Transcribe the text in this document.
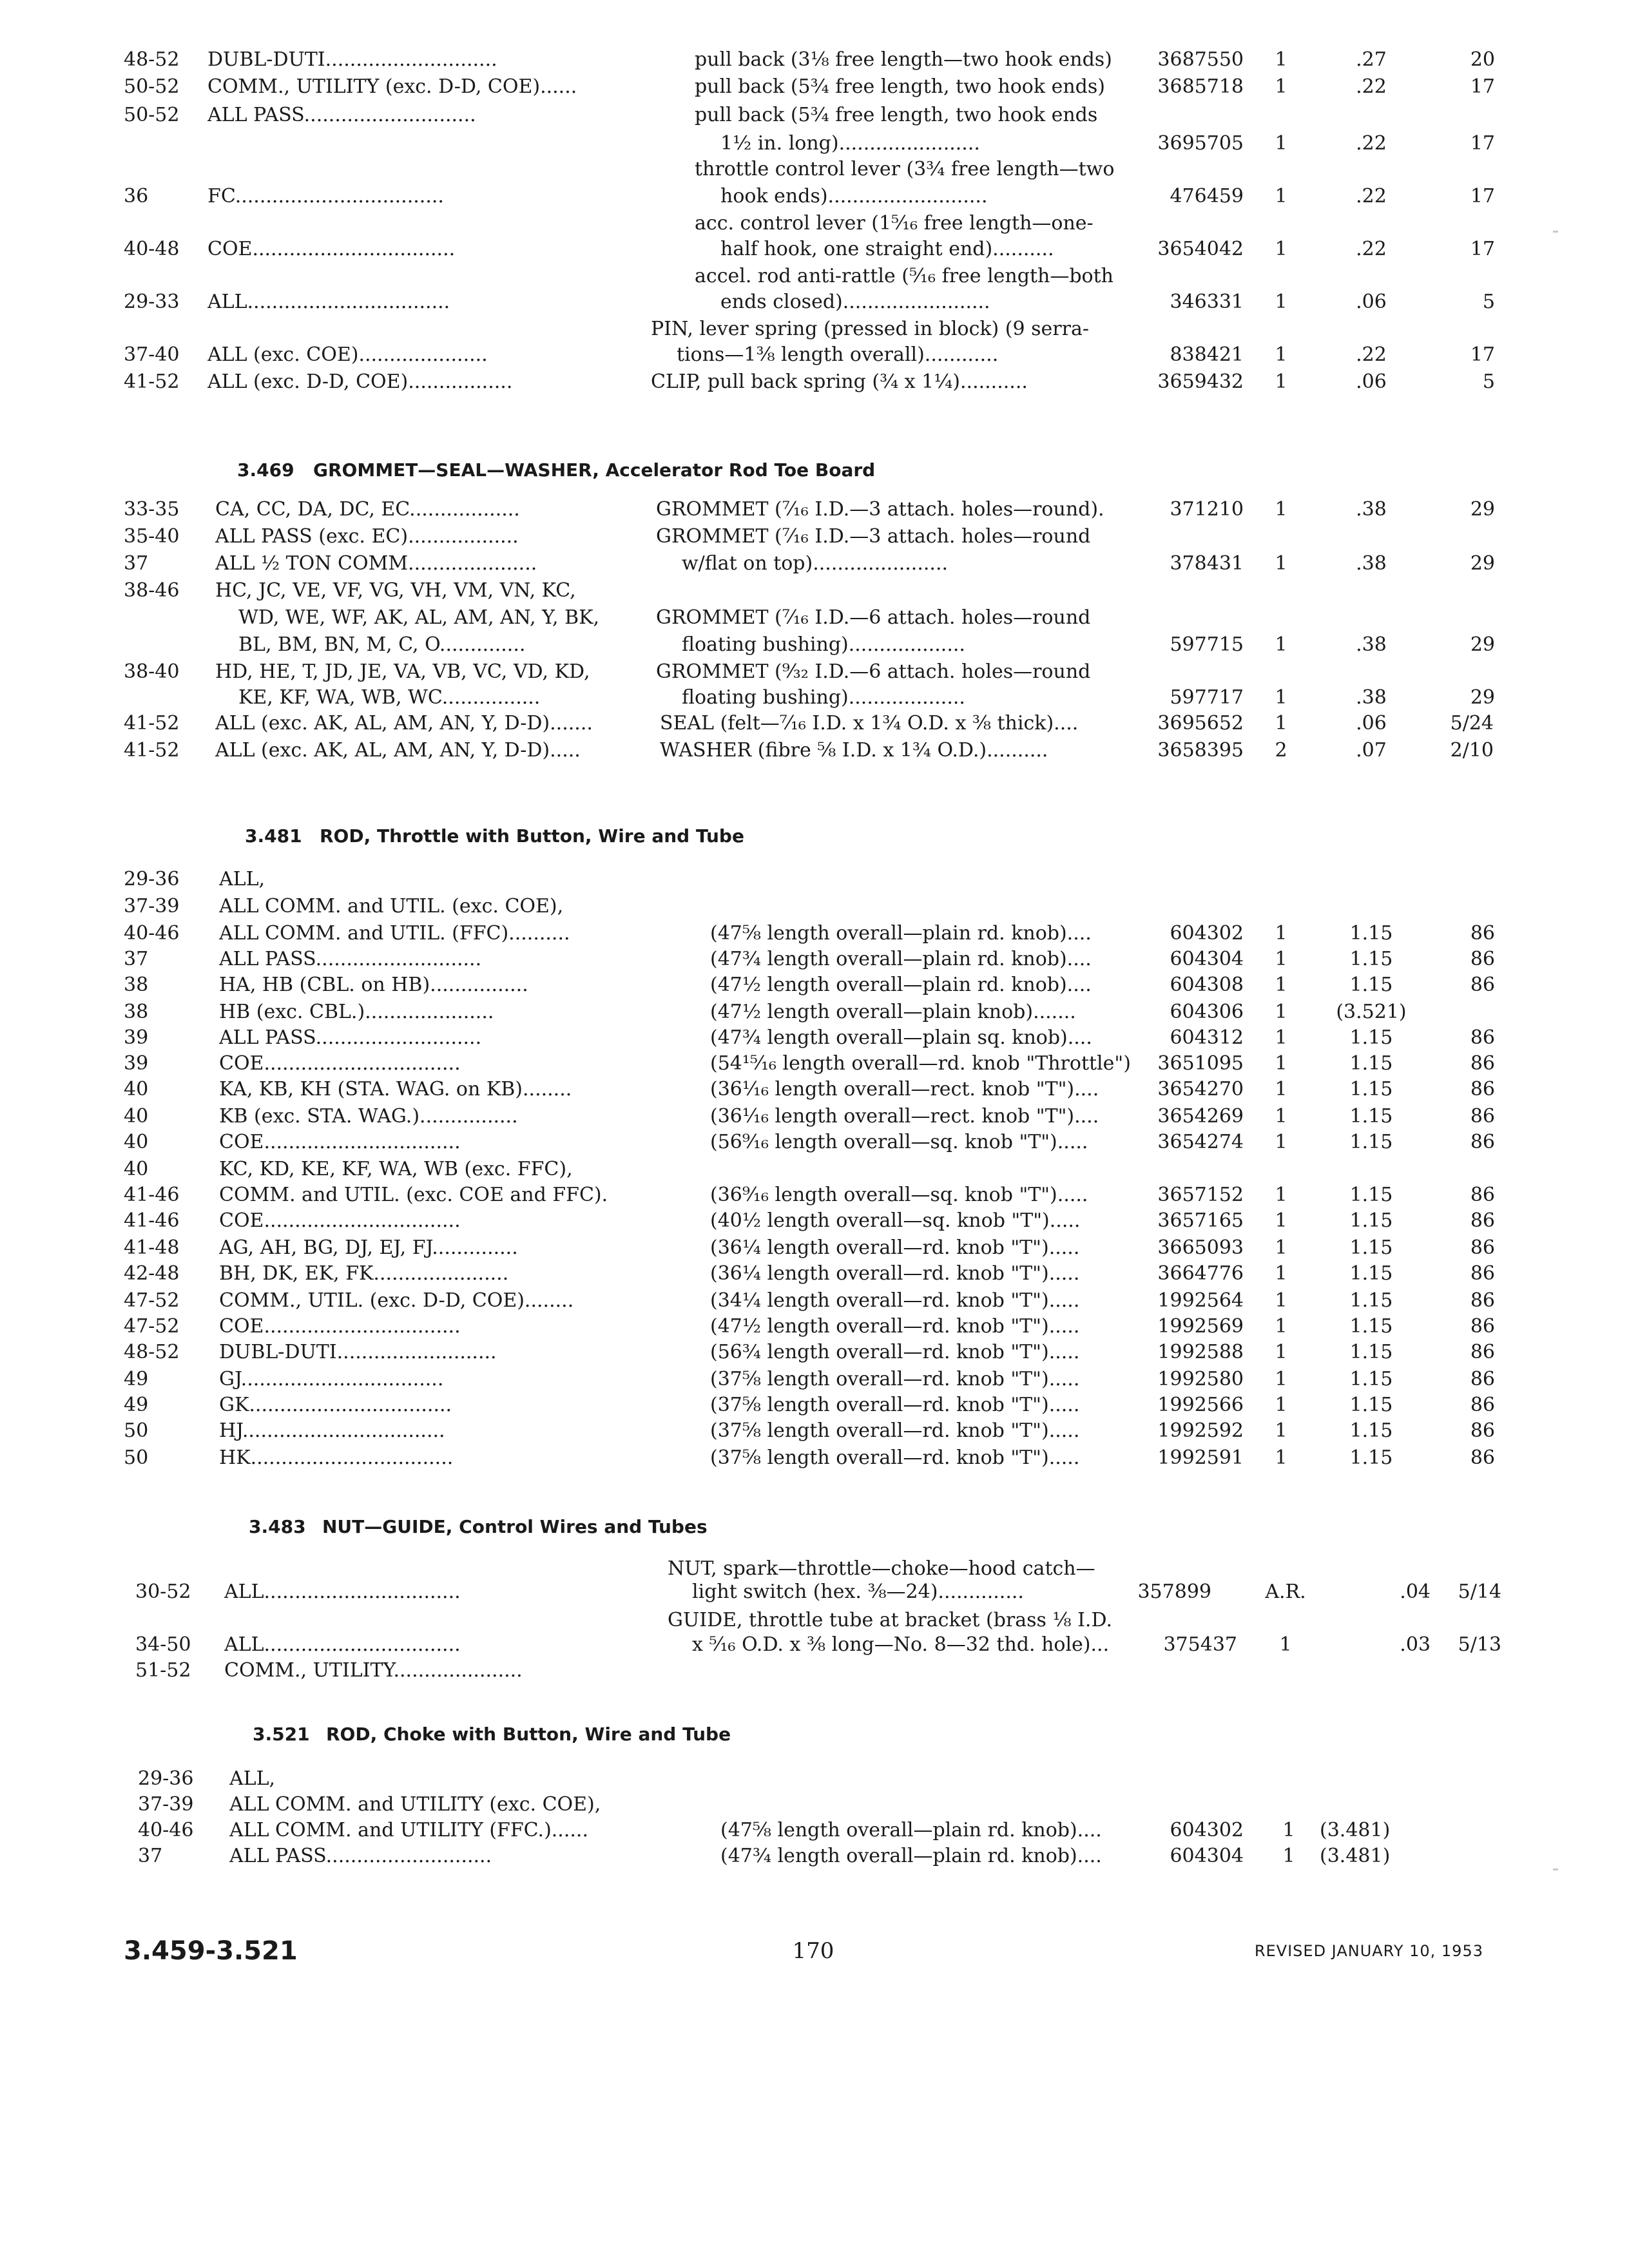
48-52	DUBL-DUTI............................	pull back (3⅛ free length—two hook ends)	3687550	1	.27	20
50-52	COMM., UTILITY (exc. D-D, COE)......	pull back (5¾ free length, two hook ends)	3685718	1	.22	17
50-52	ALL PASS............................	pull back (5¾ free length, two hook ends
1½ in. long).......................	3695705	1	.22	17
throttle control lever (3¾ free length—two
36	FC..................................	hook ends)..........................	476459	1	.22	17
acc. control lever (1⁵⁄₁₆ free length—one-
40-48	COE.................................	half hook, one straight end)..........	3654042	1	.22	17
accel. rod anti-rattle (⁵⁄₁₆ free length—both
29-33	ALL.................................	ends closed)........................	346331	1	.06	5
PIN, lever spring (pressed in block) (9 serra-
37-40	ALL (exc. COE).....................	tions—1⅜ length overall)............	838421	1	.22	17
41-52	ALL (exc. D-D, COE).................	CLIP, pull back spring (¾ x 1¼)...........	3659432	1	.06	5
3.469 GROMMET—SEAL—WASHER, Accelerator Rod Toe Board
33-35	CA, CC, DA, DC, EC..................	GROMMET (⁷⁄₁₆ I.D.—3 attach. holes—round).	371210	1	.38	29
35-40	ALL PASS (exc. EC)..................	GROMMET (⁷⁄₁₆ I.D.—3 attach. holes—round
37	ALL ½ TON COMM.....................	w/flat on top)......................	378431	1	.38	29
38-46	HC, JC, VE, VF, VG, VH, VM, VN, KC,
WD, WE, WF, AK, AL, AM, AN, Y, BK,	GROMMET (⁷⁄₁₆ I.D.—6 attach. holes—round
BL, BM, BN, M, C, O..............	floating bushing)...................	597715	1	.38	29
38-40	HD, HE, T, JD, JE, VA, VB, VC, VD, KD,	GROMMET (⁹⁄₃₂ I.D.—6 attach. holes—round
KE, KF, WA, WB, WC................	floating bushing)...................	597717	1	.38	29
41-52	ALL (exc. AK, AL, AM, AN, Y, D-D).......	SEAL (felt—⁷⁄₁₆ I.D. x 1¾ O.D. x ⅜ thick)....	3695652	1	.06	5/24
41-52	ALL (exc. AK, AL, AM, AN, Y, D-D).....	WASHER (fibre ⅝ I.D. x 1¾ O.D.)..........	3658395	2	.07	2/10
3.481 ROD, Throttle with Button, Wire and Tube
29-36	ALL,
37-39	ALL COMM. and UTIL. (exc. COE),
40-46	ALL COMM. and UTIL. (FFC)..........	(47⅝ length overall—plain rd. knob)....	604302	1	1.15	86
37	ALL PASS...........................	(47¾ length overall—plain rd. knob)....	604304	1	1.15	86
38	HA, HB (CBL. on HB)................	(47½ length overall—plain rd. knob)....	604308	1	1.15	86
38	HB (exc. CBL.).....................	(47½ length overall—plain knob).......	604306	1	(3.521)
39	ALL PASS...........................	(47¾ length overall—plain sq. knob)....	604312	1	1.15	86
39	COE................................	(54¹⁵⁄₁₆ length overall—rd. knob "Throttle")	3651095	1	1.15	86
40	KA, KB, KH (STA. WAG. on KB)........	(36¹⁄₁₆ length overall—rect. knob "T")....	3654270	1	1.15	86
40	KB (exc. STA. WAG.)................	(36¹⁄₁₆ length overall—rect. knob "T")....	3654269	1	1.15	86
40	COE................................	(56⁹⁄₁₆ length overall—sq. knob "T").....	3654274	1	1.15	86
40	KC, KD, KE, KF, WA, WB (exc. FFC),
41-46	COMM. and UTIL. (exc. COE and FFC).	(36⁹⁄₁₆ length overall—sq. knob "T").....	3657152	1	1.15	86
41-46	COE................................	(40½ length overall—sq. knob "T").....	3657165	1	1.15	86
41-48	AG, AH, BG, DJ, EJ, FJ..............	(36¼ length overall—rd. knob "T").....	3665093	1	1.15	86
42-48	BH, DK, EK, FK......................	(36¼ length overall—rd. knob "T").....	3664776	1	1.15	86
47-52	COMM., UTIL. (exc. D-D, COE)........	(34¼ length overall—rd. knob "T").....	1992564	1	1.15	86
47-52	COE................................	(47½ length overall—rd. knob "T").....	1992569	1	1.15	86
48-52	DUBL-DUTI..........................	(56¾ length overall—rd. knob "T").....	1992588	1	1.15	86
49	GJ.................................	(37⅝ length overall—rd. knob "T").....	1992580	1	1.15	86
49	GK.................................	(37⅝ length overall—rd. knob "T").....	1992566	1	1.15	86
50	HJ.................................	(37⅝ length overall—rd. knob "T").....	1992592	1	1.15	86
50	HK.................................	(37⅝ length overall—rd. knob "T").....	1992591	1	1.15	86
3.483 NUT—GUIDE, Control Wires and Tubes
NUT, spark—throttle—choke—hood catch—
30-52	ALL................................	light switch (hex. ⅜—24)..............	357899	A.R.	.04	5/14
GUIDE, throttle tube at bracket (brass ⅛ I.D.
34-50	ALL................................	x ⁵⁄₁₆ O.D. x ⅜ long—No. 8—32 thd. hole)...	375437	1	.03	5/13
51-52	COMM., UTILITY.....................
3.521 ROD, Choke with Button, Wire and Tube
29-36	ALL,
37-39	ALL COMM. and UTILITY (exc. COE),
40-46	ALL COMM. and UTILITY (FFC.)......	(47⅝ length overall—plain rd. knob)....	604302	1	(3.481)
37	ALL PASS...........................	(47¾ length overall—plain rd. knob)....	604304	1	(3.481)
3.459-3.521	170	REVISED JANUARY 10, 1953
